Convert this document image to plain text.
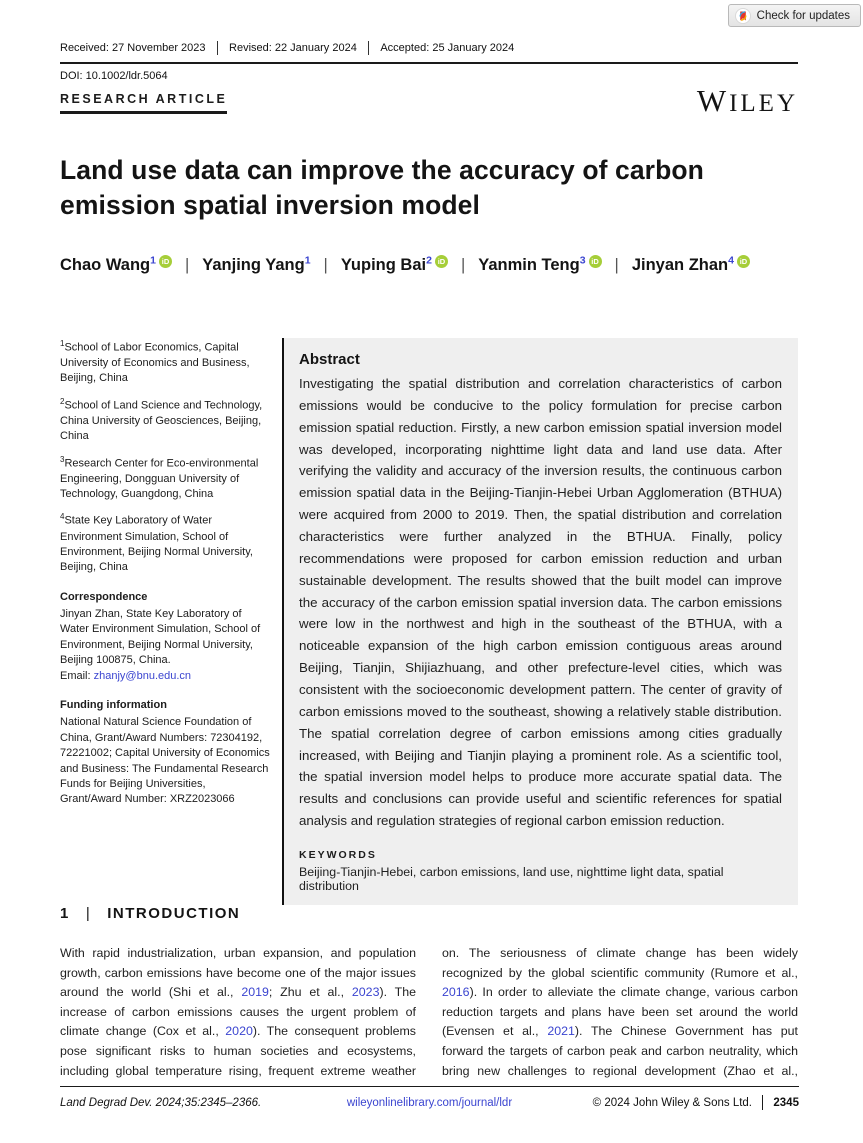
Check for updates
Received: 27 November 2023 Revised: 22 January 2024 Accepted: 25 January 2024
DOI: 10.1002/ldr.5064
RESEARCH ARTICLE	WILEY
Land use data can improve the accuracy of carbon emission spatial inversion model
Chao Wang$^1$ iD | Yanjing Yang$^1$ | Yuping Bai$^2$ iD | Yanmin Teng$^3$ iD | Jinyan Zhan$^4$ iD

$^1$School of Labor Economics, Capital University of Economics and Business, Beijing, China

$^2$School of Land Science and Technology, China University of Geosciences, Beijing, China

$^3$Research Center for Eco-environmental Engineering, Dongguan University of Technology, Guangdong, China

$^4$State Key Laboratory of Water Environment Simulation, School of Environment, Beijing Normal University, Beijing, China

Correspondence
Jinyan Zhan, State Key Laboratory of Water Environment Simulation, School of Environment, Beijing Normal University, Beijing 100875, China.
Email: zhanjy@bnu.edu.cn
Funding information
National Natural Science Foundation of China, Grant/Award Numbers: 72304192, 72221002; Capital University of Economics and Business: The Fundamental Research Funds for Beijing Universities, Grant/Award Number: XRZ2023066
Abstract
Investigating the spatial distribution and correlation characteristics of carbon emissions would be conducive to the policy formulation for precise carbon emission spatial reduction. Firstly, a new carbon emission spatial inversion model was developed, incorporating nighttime light data and land use data. After verifying the validity and accuracy of the inversion results, the continuous carbon emission spatial data in the Beijing-Tianjin-Hebei Urban Agglomeration (BTHUA) were acquired from 2000 to 2019. Then, the spatial distribution and correlation characteristics were further analyzed in the BTHUA. Finally, policy recommendations were proposed for carbon emission reduction and urban sustainable development. The results showed that the built model can improve the accuracy of the carbon emission spatial inversion data. The carbon emissions were low in the northwest and high in the southeast of the BTHUA, with a noticeable expansion of the high carbon emission contiguous areas around Beijing, Tianjin, Shijiazhuang, and other prefecture-level cities, which was consistent with the socioeconomic development pattern. The center of gravity of carbon emissions moved to the southeast, showing a relatively stable distribution. The spatial correlation degree of carbon emissions among cities gradually increased, with Beijing and Tianjin playing a prominent role. As a scientific tool, the spatial inversion model helps to produce more accurate spatial data. The results and conclusions can provide useful and scientific references for spatial analysis and regulation strategies of regional carbon emission reduction.
KEYWORDS
Beijing-Tianjin-Hebei, carbon emissions, land use, nighttime light data, spatial distribution
1 | INTRODUCTION

With rapid industrialization, urban expansion, and population growth, carbon emissions have become one of the major issues around the world (Shi et al., 2019; Zhu et al., 2023). The increase of carbon emissions causes the urgent problem of climate change (Cox et al., 2020). The consequent problems pose significant risks to human societies and ecosystems, including global temperature rising, frequent extreme weather

on. The seriousness of climate change has been widely recognized by the global scientific community (Rumore et al., 2016). In order to alleviate the climate change, various carbon reduction targets and plans have been set around the world (Evensen et al., 2021). The Chinese Government has put forward the targets of carbon peak and carbon neutrality, which bring new challenges to regional development (Zhao et al.,

Land Degrad Dev. 2024;35:2345–2366.	wileyonlinelibrary.com/journal/ldr	© 2024 John Wiley & Sons Ltd. 2345
